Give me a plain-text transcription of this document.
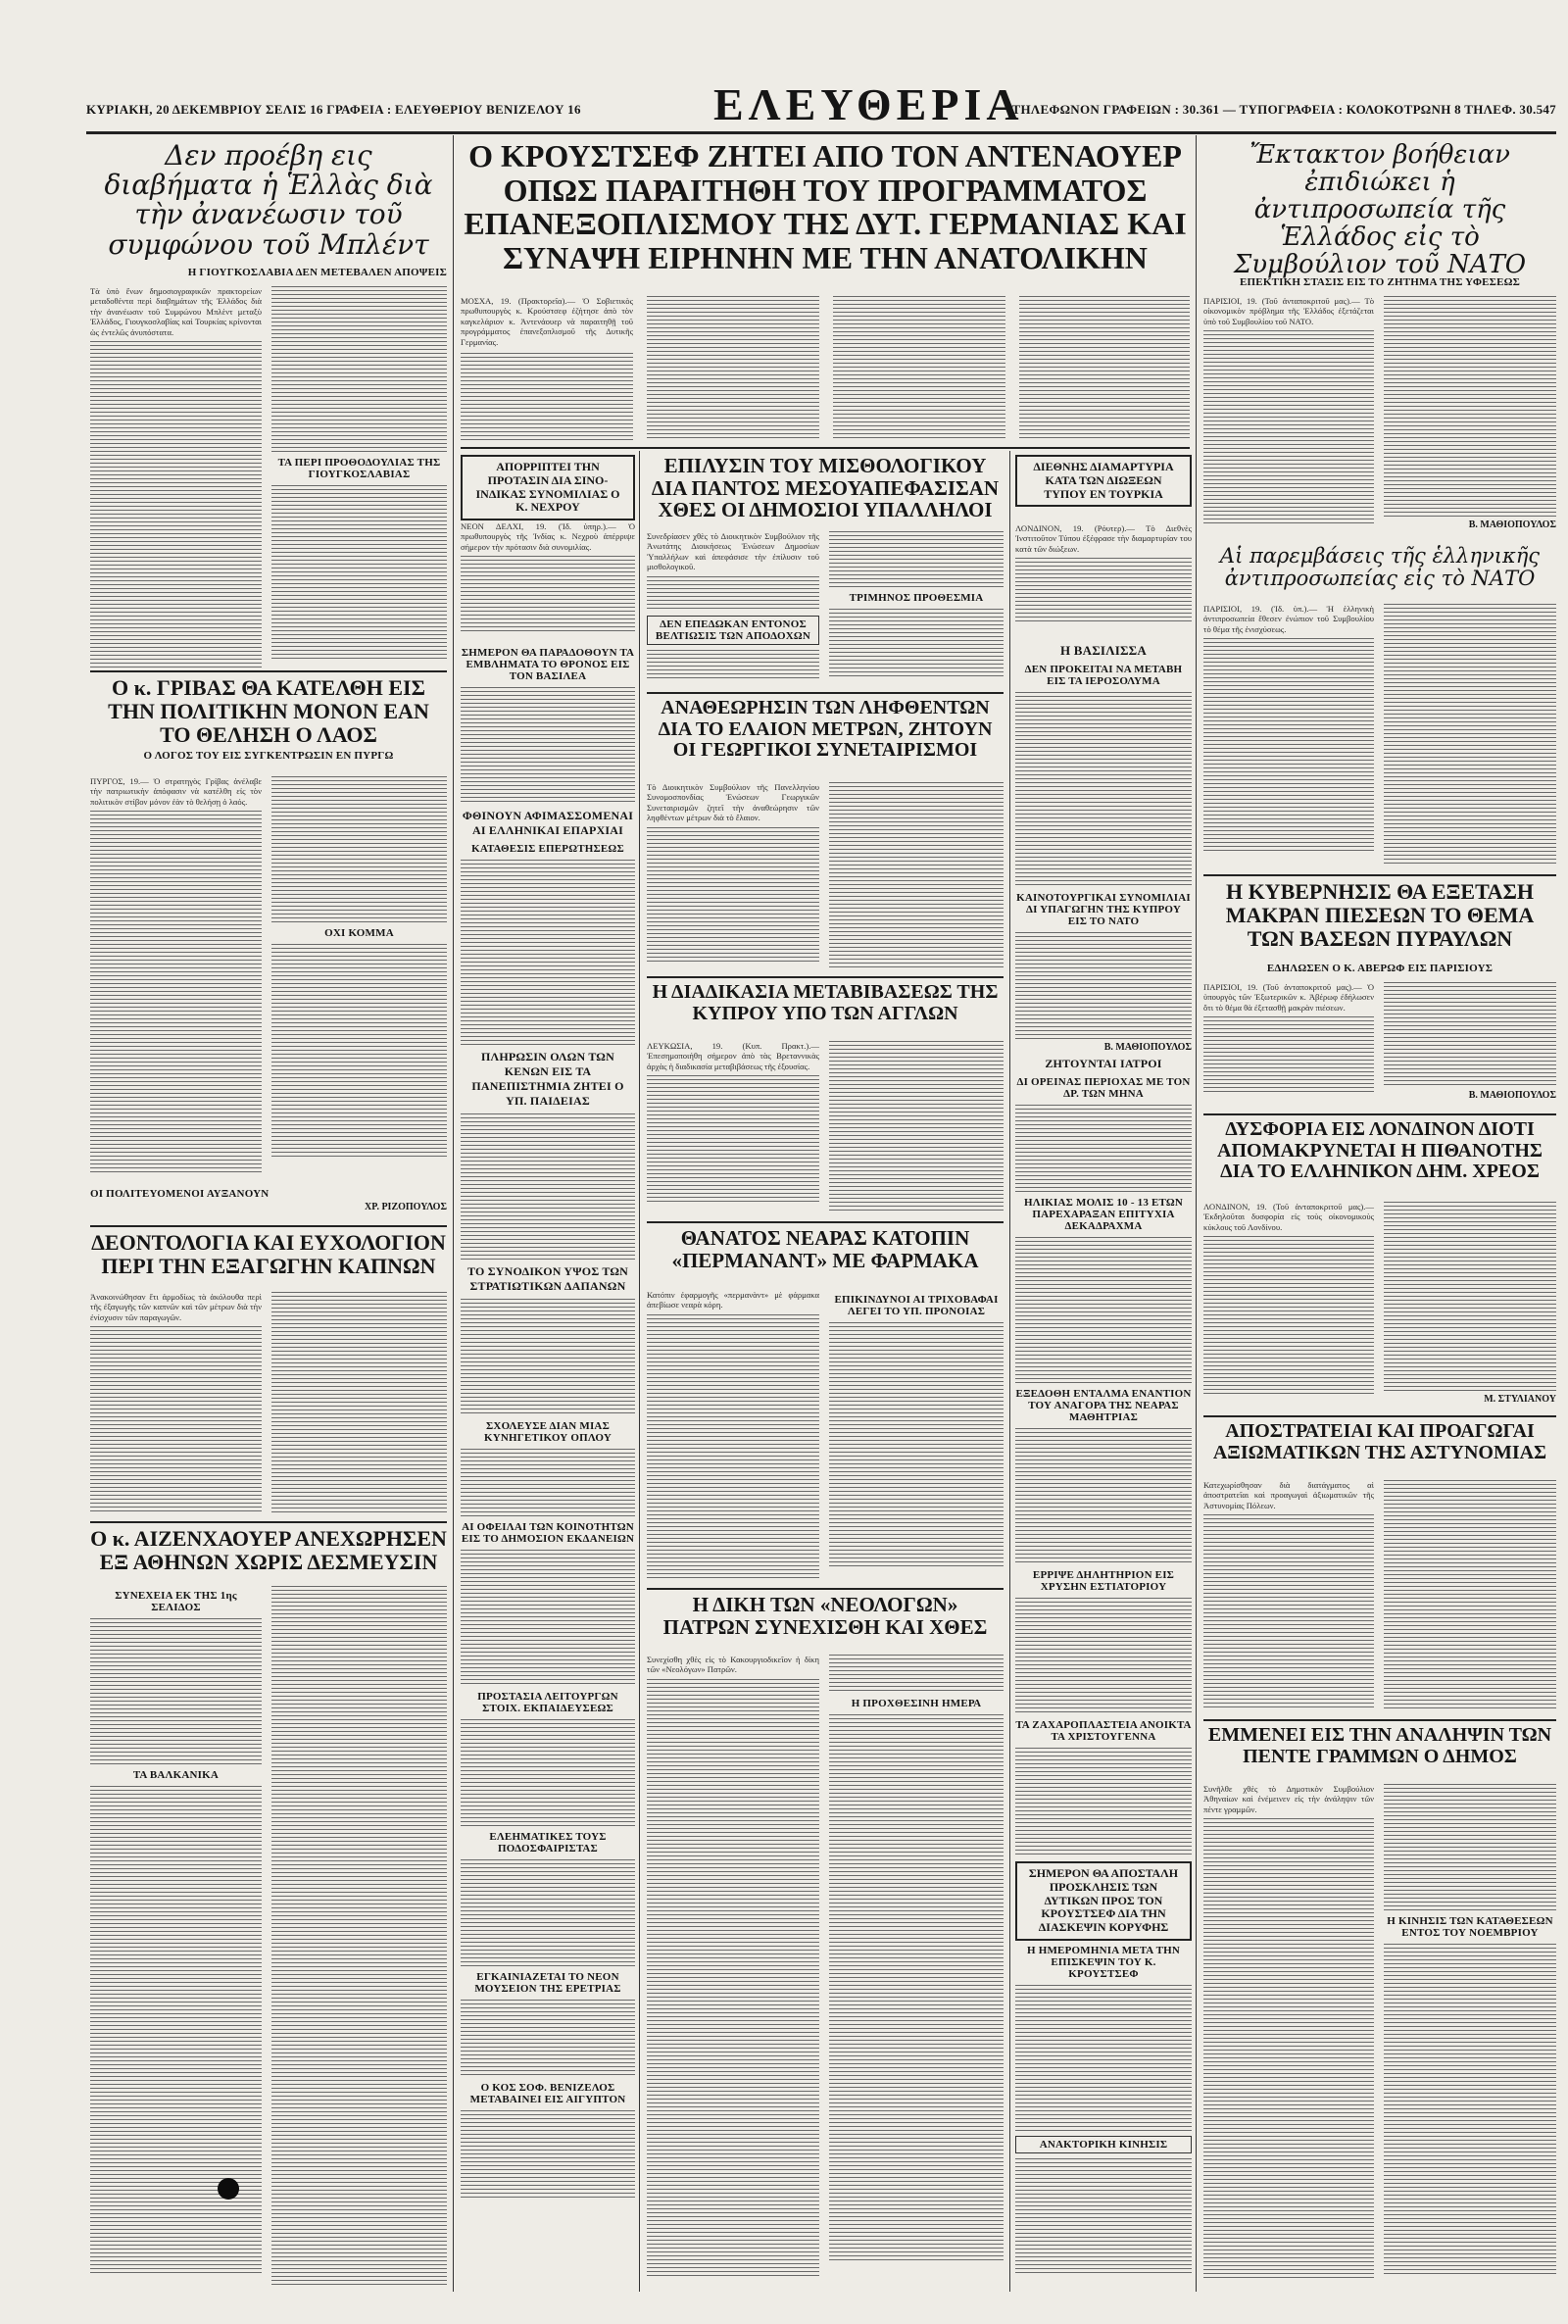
ΚΥΡΙΑΚΗ, 20 ΔΕΚΕΜΒΡΙΟΥ ΣΕΛΙΣ 16 ΓΡΑΦΕΙΑ : ΕΛΕΥΘΕΡΙΟΥ ΒΕΝΙΖΕΛΟΥ 16	ΕΛΕΥΘΕΡΙΑ
ΤΗΛΕΦΩΝΟΝ ΓΡΑΦΕΙΩΝ : 30.361 — ΤΥΠΟΓΡΑΦΕΙΑ : ΚΟΛΟΚΟΤΡΩΝΗ 8 ΤΗΛΕΦ. 30.547
Δεν προέβη εις διαβήματα ἡ Ἑλλὰς διὰ τὴν ἀνανέωσιν τοῦ συμφώνου τοῦ Μπλέντ
Η ΓΙΟΥΓΚΟΣΛΑΒΙΑ ΔΕΝ ΜΕΤΕΒΑΛΕΝ ΑΠΟΨΕΙΣ
Τὰ ὑπὸ ἔνων δημοσιογραφικῶν πρακτορείων μεταδοθέντα περὶ διαβημάτων τῆς Ἑλλάδος διὰ τὴν ἀνανέωσιν τοῦ Συμφώνου Μπλὲντ μεταξὺ Ἑλλάδος, Γιουγκοσλαβίας καὶ Τουρκίας κρίνονται ὡς ἐντελῶς ἀνυπόστατα.
ΤΑ ΠΕΡΙ ΠΡΟΘΟΔΟΥΛΙΑΣ ΤΗΣ ΓΙΟΥΓΚΟΣΛΑΒΙΑΣ
Ο κ. ΓΡΙΒΑΣ ΘΑ ΚΑΤΕΛΘΗ ΕΙΣ ΤΗΝ ΠΟΛΙΤΙΚΗΝ ΜΟΝΟΝ ΕΑΝ ΤΟ ΘΕΛΗΣΗ Ο ΛΑΟΣ
Ο ΛΟΓΟΣ ΤΟΥ ΕΙΣ ΣΥΓΚΕΝΤΡΩΣΙΝ ΕΝ ΠΥΡΓΩ
ΠΥΡΓΟΣ, 19.— Ὁ στρατηγὸς Γρίβας ἀνέλαβε τὴν πατριωτικὴν ἀπόφασιν νὰ κατέλθη εἰς τὸν πολιτικὸν στίβον μόνον ἐὰν τὸ θελήσῃ ὁ λαός.
ΟΧΙ ΚΟΜΜΑ
ΟΙ ΠΟΛΙΤΕΥΟΜΕΝΟΙ ΑΥΞΑΝΟΥΝ
ΧΡ. ΡΙΖΟΠΟΥΛΟΣ
ΔΕΟΝΤΟΛΟΓΙΑ ΚΑΙ ΕΥΧΟΛΟΓΙΟΝ ΠΕΡΙ ΤΗΝ ΕΞΑΓΩΓΗΝ ΚΑΠΝΩΝ
Ἀνακοινώθησαν ἔτι ἀρμοδίως τὰ ἀκόλουθα περὶ τῆς ἐξαγωγῆς τῶν καπνῶν καὶ τῶν μέτρων διὰ τὴν ἐνίσχυσιν τῶν παραγωγῶν.
Ο κ. ΑΙΖΕΝΧΑΟΥΕΡ ΑΝΕΧΩΡΗΣΕΝ ΕΞ ΑΘΗΝΩΝ ΧΩΡΙΣ ΔΕΣΜΕΥΣΙΝ
ΣΥΝΕΧΕΙΑ ΕΚ ΤΗΣ 1ης ΣΕΛΙΔΟΣ
ΤΑ ΒΑΛΚΑΝΙΚΑ
Ο ΚΡΟΥΣΤΣΕΦ ΖΗΤΕΙ ΑΠΟ ΤΟΝ ΑΝΤΕΝΑΟΥΕΡ ΟΠΩΣ ΠΑΡΑΙΤΗΘΗ ΤΟΥ ΠΡΟΓΡΑΜΜΑΤΟΣ ΕΠΑΝΕΞΟΠΛΙΣΜΟΥ ΤΗΣ ΔΥΤ. ΓΕΡΜΑΝΙΑΣ ΚΑΙ ΣΥΝΑΨΗ ΕΙΡΗΝΗΝ ΜΕ ΤΗΝ ΑΝΑΤΟΛΙΚΗΝ
ΜΟΣΧΑ, 19. (Πρακτορεῖα).— Ὁ Σοβιετικὸς πρωθυπουργὸς κ. Κρούστσεφ ἐζήτησε ἀπὸ τὸν καγκελάριον κ. Ἀντενάουερ νὰ παραιτηθῇ τοῦ προγράμματος ἐπανεξοπλισμοῦ τῆς Δυτικῆς Γερμανίας.
ΑΠΟΡΡΙΠΤΕΙ ΤΗΝ ΠΡΟΤΑΣΙΝ ΔΙΑ ΣΙΝΟ-ΙΝΔΙΚΑΣ ΣΥΝΟΜΙΛΙΑΣ Ο Κ. ΝΕΧΡΟΥ
ΝΕΟΝ ΔΕΛΧΙ, 19. (Ἰδ. ὑπηρ.).— Ὁ πρωθυπουργὸς τῆς Ἰνδίας κ. Νεχροὺ ἀπέρριψε σήμερον τὴν πρότασιν διὰ συνομιλίας.
ΣΗΜΕΡΟΝ ΘΑ ΠΑΡΑΔΟΘΟΥΝ ΤΑ ΕΜΒΛΗΜΑΤΑ ΤΟ ΘΡΟΝΟΣ ΕΙΣ ΤΟΝ ΒΑΣΙΛΕΑ
ΦΘΙΝΟΥΝ ΑΦΙΜΑΣΣΟΜΕΝΑΙ ΑΙ ΕΛΛΗΝΙΚΑΙ ΕΠΑΡΧΙΑΙ
ΚΑΤΑΘΕΣΙΣ ΕΠΕΡΩΤΗΣΕΩΣ
ΠΛΗΡΩΣΙΝ ΟΛΩΝ ΤΩΝ ΚΕΝΩΝ ΕΙΣ ΤΑ ΠΑΝΕΠΙΣΤΗΜΙΑ ΖΗΤΕΙ Ο ΥΠ. ΠΑΙΔΕΙΑΣ
ΤΟ ΣΥΝΟΔΙΚΟΝ ΥΨΟΣ ΤΩΝ ΣΤΡΑΤΙΩΤΙΚΩΝ ΔΑΠΑΝΩΝ
ΣΧΟΛΕΥΣΕ ΔΙΑΝ ΜΙΑΣ ΚΥΝΗΓΕΤΙΚΟΥ ΟΠΛΟΥ
ΑΙ ΟΦΕΙΛΑΙ ΤΩΝ ΚΟΙΝΟΤΗΤΩΝ ΕΙΣ ΤΟ ΔΗΜΟΣΙΟΝ ΕΚΔΑΝΕΙΩΝ
ΠΡΟΣΤΑΣΙΑ ΛΕΙΤΟΥΡΓΩΝ ΣΤΟΙΧ. ΕΚΠΑΙΔΕΥΣΕΩΣ
ΕΛΕΗΜΑΤΙΚΕΣ ΤΟΥΣ ΠΟΔΟΣΦΑΙΡΙΣΤΑΣ
ΕΓΚΑΙΝΙΑΖΕΤΑΙ ΤΟ ΝΕΟΝ ΜΟΥΣΕΙΟΝ ΤΗΣ ΕΡΕΤΡΙΑΣ
Ο ΚΟΣ ΣΟΦ. ΒΕΝΙΖΕΛΟΣ ΜΕΤΑΒΑΙΝΕΙ ΕΙΣ ΑΙΓΥΠΤΟΝ
ΕΠΙΛΥΣΙΝ ΤΟΥ ΜΙΣΘΟΛΟΓΙΚΟΥ ΔΙΑ ΠΑΝΤΟΣ ΜΕΣΟΥΑΠΕΦΑΣΙΣΑΝ ΧΘΕΣ ΟΙ ΔΗΜΟΣΙΟΙ ΥΠΑΛΛΗΛΟΙ
Συνεδρίασεν χθὲς τὸ Διοικητικὸν Συμβούλιον τῆς Ἀνωτάτης Διοικήσεως Ἐνώσεων Δημοσίων Ὑπαλλήλων καὶ ἀπεφάσισε τὴν ἐπίλυσιν τοῦ μισθολογικοῦ.
ΔΕΝ ΕΠΕΔΩΚΑΝ ΕΝΤΟΝΟΣ ΒΕΛΤΙΩΣΙΣ ΤΩΝ ΑΠΟΔΟΧΩΝ
ΤΡΙΜΗΝΟΣ ΠΡΟΘΕΣΜΙΑ
ΑΝΑΘΕΩΡΗΣΙΝ ΤΩΝ ΛΗΦΘΕΝΤΩΝ ΔΙΑ ΤΟ ΕΛΑΙΟΝ ΜΕΤΡΩΝ, ΖΗΤΟΥΝ ΟΙ ΓΕΩΡΓΙΚΟΙ ΣΥΝΕΤΑΙΡΙΣΜΟΙ
Τὸ Διοικητικὸν Συμβούλιον τῆς Πανελληνίου Συνομοσπονδίας Ἑνώσεων Γεωργικῶν Συνεταιρισμῶν ζητεῖ τὴν ἀναθεώρησιν τῶν ληφθέντων μέτρων διὰ τὸ ἔλαιον.
Η ΔΙΑΔΙΚΑΣΙΑ ΜΕΤΑΒΙΒΑΣΕΩΣ ΤΗΣ ΚΥΠΡΟΥ ΥΠΟ ΤΩΝ ΑΓΓΛΩΝ
ΛΕΥΚΩΣΙΑ, 19. (Κυπ. Πρακτ.).— Ἐπεσημοποιήθη σήμερον ἀπὸ τὰς Βρεταννικὰς ἀρχὰς ἡ διαδικασία μεταβιβάσεως τῆς ἐξουσίας.
ΘΑΝΑΤΟΣ ΝΕΑΡΑΣ ΚΑΤΟΠΙΝ «ΠΕΡΜΑΝΑΝΤ» ΜΕ ΦΑΡΜΑΚΑ
Κατόπιν ἐφαρμογῆς «περμανὰντ» μὲ φάρμακα ἀπεβίωσε νεαρὰ κόρη.	ΕΠΙΚΙΝΔΥΝΟΙ ΑΙ ΤΡΙΧΟΒΑΦΑΙ ΛΕΓΕΙ ΤΟ ΥΠ. ΠΡΟΝΟΙΑΣ
Η ΔΙΚΗ ΤΩΝ «ΝΕΟΛΟΓΩΝ» ΠΑΤΡΩΝ ΣΥΝΕΧΙΣΘΗ ΚΑΙ ΧΘΕΣ
Συνεχίσθη χθὲς εἰς τὸ Κακουργιοδικεῖον ἡ δίκη τῶν «Νεολόγων» Πατρῶν.
Η ΠΡΟΧΘΕΣΙΝΗ ΗΜΕΡΑ
ΔΙΕΘΝΗΣ ΔΙΑΜΑΡΤΥΡΙΑ ΚΑΤΑ ΤΩΝ ΔΙΩΞΕΩΝ ΤΥΠΟΥ ΕΝ ΤΟΥΡΚΙΑ
ΛΟΝΔΙΝΟΝ, 19. (Ρόυτερ).— Τὸ Διεθνὲς Ἰνστιτοῦτον Τύπου ἐξέφρασε τὴν διαμαρτυρίαν του κατὰ τῶν διώξεων.
Η ΒΑΣΙΛΙΣΣΑ
ΔΕΝ ΠΡΟΚΕΙΤΑΙ ΝΑ ΜΕΤΑΒΗ ΕΙΣ ΤΑ ΙΕΡΟΣΟΛΥΜΑ
ΚΑΙΝΟΤΟΥΡΓΙΚΑΙ ΣΥΝΟΜΙΛΙΑΙ ΔΙ ΥΠΑΓΩΓΗΝ ΤΗΣ ΚΥΠΡΟΥ ΕΙΣ ΤΟ ΝΑΤΟ
Β. ΜΑΘΙΟΠΟΥΛΟΣ
ΖΗΤΟΥΝΤΑΙ ΙΑΤΡΟΙ
ΔΙ ΟΡΕΙΝΑΣ ΠΕΡΙΟΧΑΣ ΜΕ ΤΟΝ ΔΡ. ΤΩΝ ΜΗΝΑ
ΗΛΙΚΙΑΣ ΜΟΛΙΣ 10 - 13 ΕΤΩΝ ΠΑΡΕΧΑΡΑΞΑΝ ΕΠΙΤΥΧΙΑ ΔΕΚΑΔΡΑΧΜΑ
ΕΞΕΔΟΘΗ ΕΝΤΑΛΜΑ ΕΝΑΝΤΙΟΝ ΤΟΥ ΑΝΑΓΟΡΑ ΤΗΣ ΝΕΑΡΑΣ ΜΑΘΗΤΡΙΑΣ
ΕΡΡΙΨΕ ΔΗΛΗΤΗΡΙΟΝ ΕΙΣ ΧΡΥΣΗΝ ΕΣΤΙΑΤΟΡΙΟΥ
ΤΑ ΖΑΧΑΡΟΠΛΑΣΤΕΙΑ ΑΝΟΙΚΤΑ ΤΑ ΧΡΙΣΤΟΥΓΕΝΝΑ
ΣΗΜΕΡΟΝ ΘΑ ΑΠΟΣΤΑΛΗ ΠΡΟΣΚΛΗΣΙΣ ΤΩΝ ΔΥΤΙΚΩΝ ΠΡΟΣ ΤΟΝ ΚΡΟΥΣΤΣΕΦ ΔΙΑ ΤΗΝ ΔΙΑΣΚΕΨΙΝ ΚΟΡΥΦΗΣ
Η ΗΜΕΡΟΜΗΝΙΑ ΜΕΤΑ ΤΗΝ ΕΠΙΣΚΕΨΙΝ ΤΟΥ Κ. ΚΡΟΥΣΤΣΕΦ
ΑΝΑΚΤΟΡΙΚΗ ΚΙΝΗΣΙΣ
Ἔκτακτον βοήθειαν ἐπιδιώκει ἡ ἀντιπροσωπεία τῆς Ἑλλάδος εἰς τὸ Συμβούλιον τοῦ ΝΑΤΟ
ΕΠΕΚΤΙΚΗ ΣΤΑΣΙΣ ΕΙΣ ΤΟ ΖΗΤΗΜΑ ΤΗΣ ΥΦΕΣΕΩΣ
ΠΑΡΙΣΙΟΙ, 19. (Τοῦ ἀνταποκριτοῦ μας).— Τὸ οἰκονομικὸν πρόβλημα τῆς Ἑλλάδος ἐξετάζεται ὑπὸ τοῦ Συμβουλίου τοῦ ΝΑΤΟ.
Β. ΜΑΘΙΟΠΟΥΛΟΣ
Αἱ παρεμβάσεις τῆς ἑλληνικῆς ἀντιπροσωπείας εἰς τὸ ΝΑΤΟ
ΠΑΡΙΣΙΟΙ, 19. (Ἰδ. ὑπ.).— Ἡ ἑλληνικὴ ἀντιπροσωπεία ἔθεσεν ἐνώπιον τοῦ Συμβουλίου τὸ θέμα τῆς ἐνισχύσεως.
Η ΚΥΒΕΡΝΗΣΙΣ ΘΑ ΕΞΕΤΑΣΗ ΜΑΚΡΑΝ ΠΙΕΣΕΩΝ ΤΟ ΘΕΜΑ ΤΩΝ ΒΑΣΕΩΝ ΠΥΡΑΥΛΩΝ
ΕΔΗΛΩΣΕΝ Ο Κ. ΑΒΕΡΩΦ ΕΙΣ ΠΑΡΙΣΙΟΥΣ
ΠΑΡΙΣΙΟΙ, 19. (Τοῦ ἀνταποκριτοῦ μας).— Ὁ ὑπουργὸς τῶν Ἐξωτερικῶν κ. Ἀβέρωφ ἐδήλωσεν ὅτι τὸ θέμα θὰ ἐξετασθῇ μακρὰν πιέσεων.
Β. ΜΑΘΙΟΠΟΥΛΟΣ
ΔΥΣΦΟΡΙΑ ΕΙΣ ΛΟΝΔΙΝΟΝ ΔΙΟΤΙ ΑΠΟΜΑΚΡΥΝΕΤΑΙ Η ΠΙΘΑΝΟΤΗΣ ΔΙΑ ΤΟ ΕΛΛΗΝΙΚΟΝ ΔΗΜ. ΧΡΕΟΣ
ΛΟΝΔΙΝΟΝ, 19. (Τοῦ ἀνταποκριτοῦ μας).— Ἐκδηλοῦται δυσφορία εἰς τοὺς οἰκονομικοὺς κύκλους τοῦ Λονδίνου.
Μ. ΣΤΥΛΙΑΝΟΥ
ΑΠΟΣΤΡΑΤΕΙΑΙ ΚΑΙ ΠΡΟΑΓΩΓΑΙ ΑΞΙΩΜΑΤΙΚΩΝ ΤΗΣ ΑΣΤΥΝΟΜΙΑΣ
Κατεχωρίσθησαν διὰ διατάγματος αἱ ἀποστρατεῖαι καὶ προαγωγαὶ ἀξιωματικῶν τῆς Ἀστυνομίας Πόλεων.
ΕΜΜΕΝΕΙ ΕΙΣ ΤΗΝ ΑΝΑΛΗΨΙΝ ΤΩΝ ΠΕΝΤΕ ΓΡΑΜΜΩΝ Ο ΔΗΜΟΣ
Συνῆλθε χθὲς τὸ Δημοτικὸν Συμβούλιον Ἀθηναίων καὶ ἐνέμεινεν εἰς τὴν ἀνάληψιν τῶν πέντε γραμμῶν.
Η ΚΙΝΗΣΙΣ ΤΩΝ ΚΑΤΑΘΕΣΕΩΝ ΕΝΤΟΣ ΤΟΥ ΝΟΕΜΒΡΙΟΥ
